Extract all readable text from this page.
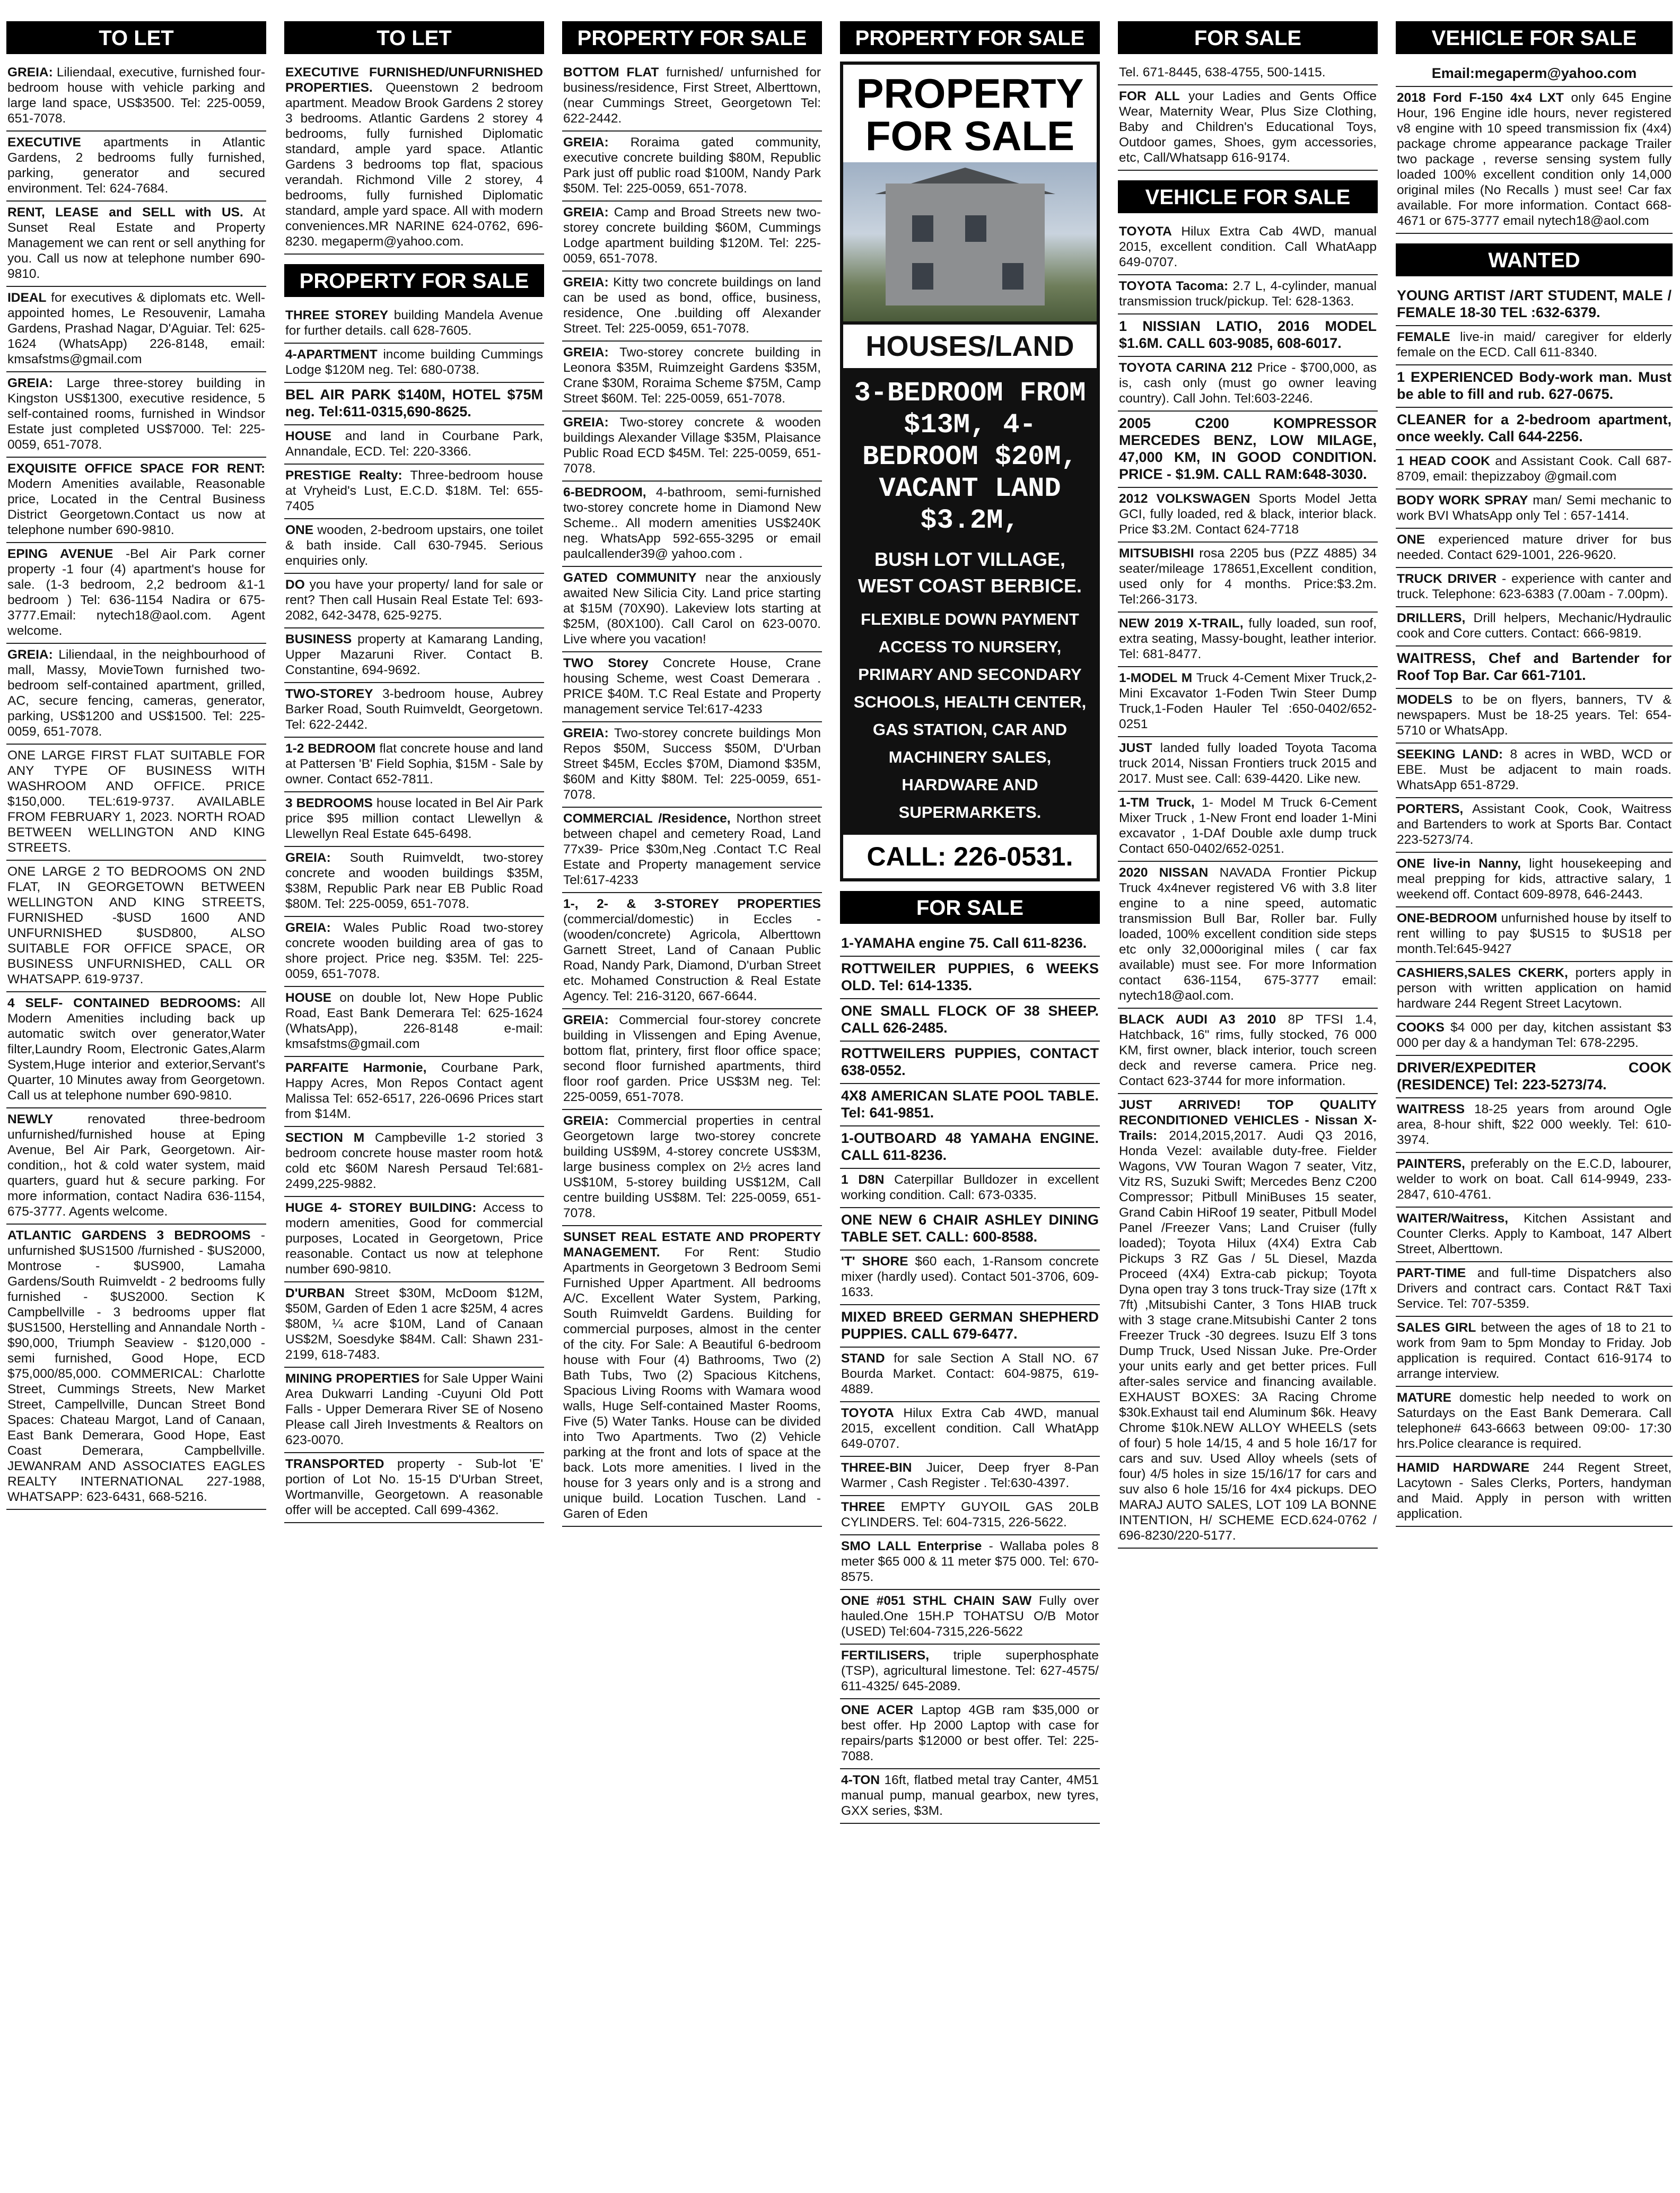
TO LET
GREIA: Liliendaal, executive, furnished four-bedroom house with vehicle parking and large land space, US$3500. Tel: 225-0059, 651-7078.
EXECUTIVE apartments in Atlantic Gardens, 2 bedrooms fully furnished, parking, generator and secured environment. Tel: 624-7684.
RENT, LEASE and SELL with US. At Sunset Real Estate and Property Management we can rent or sell anything for you. Call us now at telephone number 690-9810.
IDEAL for executives & diplomats etc. Well-appointed homes, Le Resouvenir, Lamaha Gardens, Prashad Nagar, D'Aguiar. Tel: 625-1624 (WhatsApp) 226-8148, email: kmsafstms@gmail.com
GREIA: Large three-storey building in Kingston US$1300, executive residence, 5 self-contained rooms, furnished in Windsor Estate just completed US$7000. Tel: 225-0059, 651-7078.
EXQUISITE OFFICE SPACE FOR RENT: Modern Amenities available, Reasonable price, Located in the Central Business District Georgetown.Contact us now at telephone number 690-9810.
EPING AVENUE -Bel Air Park corner property -1 four (4) apartment's house for sale. (1-3 bedroom, 2,2 bedroom &1-1 bedroom ) Tel: 636-1154 Nadira or 675-3777.Email: nytech18@aol.com. Agent welcome.
GREIA: Liliendaal, in the neighbourhood of mall, Massy, MovieTown furnished two-bedroom self-contained apartment, grilled, AC, secure fencing, cameras, generator, parking, US$1200 and US$1500. Tel: 225-0059, 651-7078.
ONE LARGE FIRST FLAT SUITABLE FOR ANY TYPE OF BUSINESS WITH WASHROOM AND OFFICE. PRICE $150,000. TEL:619-9737. AVAILABLE FROM FEBRUARY 1, 2023. NORTH ROAD BETWEEN WELLINGTON AND KING STREETS.
ONE LARGE 2 TO BEDROOMS ON 2ND FLAT, IN GEORGETOWN BETWEEN WELLINGTON AND KING STREETS, FURNISHED -$USD 1600 AND UNFURNISHED $USD800, ALSO SUITABLE FOR OFFICE SPACE, OR BUSINESS UNFURNISHED, CALL OR WHATSAPP. 619-9737.
4 SELF- CONTAINED BEDROOMS: All Modern Amenities including back up automatic switch over generator,Water filter,Laundry Room, Electronic Gates,Alarm System,Huge interior and exterior,Servant's Quarter, 10 Minutes away from Georgetown. Call us at telephone number 690-9810.
NEWLY renovated three-bedroom unfurnished/furnished house at Eping Avenue, Bel Air Park, Georgetown. Air-condition,, hot & cold water system, maid quarters, guard hut & secure parking. For more information, contact Nadira 636-1154, 675-3777. Agents welcome.
ATLANTIC GARDENS 3 BEDROOMS - unfurnished $US1500 /furnished - $US2000, Montrose - $US900, Lamaha Gardens/South Ruimveldt - 2 bedrooms fully furnished - $US2000. Section K Campbellville - 3 bedrooms upper flat $US1500, Herstelling and Annandale North - $90,000, Triumph Seaview - $120,000 - semi furnished, Good Hope, ECD $75,000/85,000. COMMERICAL: Charlotte Street, Cummings Streets, New Market Street, Campellville, Duncan Street Bond Spaces: Chateau Margot, Land of Canaan, East Bank Demerara, Good Hope, East Coast Demerara, Campbellville. JEWANRAM AND ASSOCIATES EAGLES REALTY INTERNATIONAL 227-1988, WHATSAPP: 623-6431, 668-5216.
TO LET
EXECUTIVE FURNISHED/UNFURNISHED PROPERTIES. Queenstown 2 bedroom apartment. Meadow Brook Gardens 2 storey 3 bedrooms. Atlantic Gardens 2 storey 4 bedrooms, fully furnished Diplomatic standard, ample yard space. Atlantic Gardens 3 bedrooms top flat, spacious verandah. Richmond Ville 2 storey, 4 bedrooms, fully furnished Diplomatic standard, ample yard space. All with modern conveniences.MR NARINE 624-0762, 696-8230. megaperm@yahoo.com.
PROPERTY FOR SALE
THREE STOREY building Mandela Avenue for further details. call 628-7605.
4-APARTMENT income building Cummings Lodge $120M neg. Tel: 680-0738.
BEL AIR PARK $140M, HOTEL $75M neg. Tel:611-0315,690-8625.
HOUSE and land in Courbane Park, Annandale, ECD. Tel: 220-3366.
PRESTIGE Realty: Three-bedroom house at Vryheid's Lust, E.C.D. $18M. Tel: 655-7405
ONE wooden, 2-bedroom upstairs, one toilet & bath inside. Call 630-7945. Serious enquiries only.
DO you have your property/ land for sale or rent? Then call Husain Real Estate Tel: 693-2082, 642-3478, 625-9275.
BUSINESS property at Kamarang Landing, Upper Mazaruni River. Contact B. Constantine, 694-9692.
TWO-STOREY 3-bedroom house, Aubrey Barker Road, South Ruimveldt, Georgetown. Tel: 622-2442.
1-2 BEDROOM flat concrete house and land at Pattersen 'B' Field Sophia, $15M - Sale by owner. Contact 652-7811.
3 BEDROOMS house located in Bel Air Park price $95 million contact Llewellyn & Llewellyn Real Estate 645-6498.
GREIA: South Ruimveldt, two-storey concrete and wooden buildings $35M, $38M, Republic Park near EB Public Road $80M. Tel: 225-0059, 651-7078.
GREIA: Wales Public Road two-storey concrete wooden building area of gas to shore project. Price neg. $35M. Tel: 225-0059, 651-7078.
HOUSE on double lot, New Hope Public Road, East Bank Demerara Tel: 625-1624 (WhatsApp), 226-8148 e-mail: kmsafstms@gmail.com
PARFAITE Harmonie, Courbane Park, Happy Acres, Mon Repos Contact agent Malissa Tel: 652-6517, 226-0696 Prices start from $14M.
SECTION M Campbeville 1-2 storied 3 bedroom concrete house master room hot& cold etc $60M Naresh Persaud Tel:681-2499,225-9882.
HUGE 4- STOREY BUILDING: Access to modern amenities, Good for commercial purposes, Located in Georgetown, Price reasonable. Contact us now at telephone number 690-9810.
D'URBAN Street $30M, McDoom $12M, $50M, Garden of Eden 1 acre $25M, 4 acres $80M, ¼ acre $10M, Land of Canaan US$2M, Soesdyke $84M. Call: Shawn 231-2199, 618-7483.
MINING PROPERTIES for Sale Upper Waini Area Dukwarri Landing -Cuyuni Old Pott Falls - Upper Demerara River SE of Noseno Please call Jireh Investments & Realtors on 623-0070.
TRANSPORTED property - Sub-lot 'E' portion of Lot No. 15-15 D'Urban Street, Wortmanville, Georgetown. A reasonable offer will be accepted. Call 699-4362.
PROPERTY FOR SALE
BOTTOM FLAT furnished/ unfurnished for business/residence, First Street, Alberttown, (near Cummings Street, Georgetown Tel: 622-2442.
GREIA: Roraima gated community, executive concrete building $80M, Republic Park just off public road $100M, Nandy Park $50M. Tel: 225-0059, 651-7078.
GREIA: Camp and Broad Streets new two-storey concrete building $60M, Cummings Lodge apartment building $120M. Tel: 225-0059, 651-7078.
GREIA: Kitty two concrete buildings on land can be used as bond, office, business, residence, One .building off Alexander Street. Tel: 225-0059, 651-7078.
GREIA: Two-storey concrete building in Leonora $35M, Ruimzeight Gardens $35M, Crane $30M, Roraima Scheme $75M, Camp Street $60M. Tel: 225-0059, 651-7078.
GREIA: Two-storey concrete & wooden buildings Alexander Village $35M, Plaisance Public Road ECD $45M. Tel: 225-0059, 651-7078.
6-BEDROOM, 4-bathroom, semi-furnished two-storey concrete home in Diamond New Scheme.. All modern amenities US$240K neg. WhatsApp 592-655-3295 or email paulcallender39@ yahoo.com .
GATED COMMUNITY near the anxiously awaited New Silicia City. Land price starting at $15M (70X90). Lakeview lots starting at $25M, (80X100). Call Carol on 623-0070. Live where you vacation!
TWO Storey Concrete House, Crane housing Scheme, west Coast Demerara . PRICE $40M. T.C Real Estate and Property management service Tel:617-4233
GREIA: Two-storey concrete buildings Mon Repos $50M, Success $50M, D'Urban Street $45M, Eccles $70M, Diamond $35M, $60M and Kitty $80M. Tel: 225-0059, 651-7078.
COMMERCIAL /Residence, Northon street between chapel and cemetery Road, Land 77x39- Price $30m,Neg .Contact T.C Real Estate and Property management service Tel:617-4233
1-, 2- & 3-STOREY PROPERTIES (commercial/domestic) in Eccles - (wooden/concrete) Agricola, Alberttown Garnett Street, Land of Canaan Public Road, Nandy Park, Diamond, D'urban Street etc. Mohamed Construction & Real Estate Agency. Tel: 216-3120, 667-6644.
GREIA: Commercial four-storey concrete building in Vlissengen and Eping Avenue, bottom flat, printery, first floor office space; second floor furnished apartments, third floor roof garden. Price US$3M neg. Tel: 225-0059, 651-7078.
GREIA: Commercial properties in central Georgetown large two-storey concrete building US$9M, 4-storey concrete US$3M, large business complex on 2½ acres land US$10M, 5-storey building US$12M, Call centre building US$8M. Tel: 225-0059, 651-7078.
SUNSET REAL ESTATE AND PROPERTY MANAGEMENT. For Rent: Studio Apartments in Georgetown 3 Bedroom Semi Furnished Upper Apartment. All bedrooms A/C. Excellent Water System, Parking, South Ruimveldt Gardens. Building for commercial purposes, almost in the center of the city. For Sale: A Beautiful 6-bedroom house with Four (4) Bathrooms, Two (2) Bath Tubs, Two (2) Spacious Kitchens, Spacious Living Rooms with Wamara wood walls, Huge Self-contained Master Rooms, Five (5) Water Tanks. House can be divided into Two Apartments. Two (2) Vehicle parking at the front and lots of space at the back. Lots more amenities. I lived in the house for 3 years only and is a strong and unique build. Location Tuschen. Land - Garen of Eden
PROPERTY FOR SALE
PROPERTY FOR SALE
HOUSES/LAND
3-BEDROOM FROM $13M, 4-BEDROOM $20M, VACANT LAND $3.2M,
BUSH LOT VILLAGE, WEST COAST BERBICE.
FLEXIBLE DOWN PAYMENT ACCESS TO NURSERY, PRIMARY AND SECONDARY SCHOOLS, HEALTH CENTER, GAS STATION, CAR AND MACHINERY SALES, HARDWARE AND SUPERMARKETS.
CALL: 226-0531.
FOR SALE
1-YAMAHA engine 75. Call 611-8236.
ROTTWEILER PUPPIES, 6 WEEKS OLD. Tel: 614-1335.
ONE SMALL FLOCK OF 38 SHEEP. CALL 626-2485.
ROTTWEILERS PUPPIES, CONTACT 638-0552.
4X8 AMERICAN SLATE POOL TABLE. Tel: 641-9851.
1-OUTBOARD 48 YAMAHA ENGINE. CALL 611-8236.
1 D8N Caterpillar Bulldozer in excellent working condition. Call: 673-0335.
ONE NEW 6 CHAIR ASHLEY DINING TABLE SET. CALL: 600-8588.
'T' SHORE $60 each, 1-Ransom concrete mixer (hardly used). Contact 501-3706, 609-1633.
MIXED BREED GERMAN SHEPHERD PUPPIES. CALL 679-6477.
STAND for sale Section A Stall NO. 67 Bourda Market. Contact: 604-9875, 619-4889.
TOYOTA Hilux Extra Cab 4WD, manual 2015, excellent condition. Call WhatApp 649-0707.
THREE-BIN Juicer, Deep fryer 8-Pan Warmer , Cash Register . Tel:630-4397.
THREE EMPTY GUYOIL GAS 20LB CYLINDERS. Tel: 604-7315, 226-5622.
SMO LALL Enterprise - Wallaba poles 8 meter $65 000 & 11 meter $75 000. Tel: 670-8575.
ONE #051 STHL CHAIN SAW Fully over hauled.One 15H.P TOHATSU O/B Motor (USED) Tel:604-7315,226-5622
FERTILISERS, triple superphosphate (TSP), agricultural limestone. Tel: 627-4575/ 611-4325/ 645-2089.
ONE ACER Laptop 4GB ram $35,000 or best offer. Hp 2000 Laptop with case for repairs/parts $12000 or best offer. Tel: 225-7088.
4-TON 16ft, flatbed metal tray Canter, 4M51 manual pump, manual gearbox, new tyres, GXX series, $3M.
FOR SALE
Tel. 671-8445, 638-4755, 500-1415.
FOR ALL your Ladies and Gents Office Wear, Maternity Wear, Plus Size Clothing, Baby and Children's Educational Toys, Outdoor games, Shoes, gym accessories, etc, Call/Whatsapp 616-9174.
VEHICLE FOR SALE
TOYOTA Hilux Extra Cab 4WD, manual 2015, excellent condition. Call WhatAapp 649-0707.
TOYOTA Tacoma: 2.7 L, 4-cylinder, manual transmission truck/pickup. Tel: 628-1363.
1 NISSIAN LATIO, 2016 MODEL $1.6M. CALL 603-9085, 608-6017.
TOYOTA CARINA 212 Price - $700,000, as is, cash only (must go owner leaving country). Call John. Tel:603-2246.
2005 C200 KOMPRESSOR MERCEDES BENZ, LOW MILAGE, 47,000 KM, IN GOOD CONDITION. PRICE - $1.9M. CALL RAM:648-3030.
2012 VOLKSWAGEN Sports Model Jetta GCI, fully loaded, red & black, interior black. Price $3.2M. Contact 624-7718
MITSUBISHI rosa 2205 bus (PZZ 4885) 34 seater/mileage 178651,Excellent condition, used only for 4 months. Price:$3.2m. Tel:266-3173.
NEW 2019 X-TRAIL, fully loaded, sun roof, extra seating, Massy-bought, leather interior. Tel: 681-8477.
1-MODEL M Truck 4-Cement Mixer Truck,2-Mini Excavator 1-Foden Twin Steer Dump Truck,1-Foden Hauler Tel :650-0402/652-0251
JUST landed fully loaded Toyota Tacoma truck 2014, Nissan Frontiers truck 2015 and 2017. Must see. Call: 639-4420. Like new.
1-TM Truck, 1- Model M Truck 6-Cement Mixer Truck , 1-New Front end loader 1-Mini excavator , 1-DAf Double axle dump truck Contact 650-0402/652-0251.
2020 NISSAN NAVADA Frontier Pickup Truck 4x4never registered V6 with 3.8 liter engine to a nine speed, automatic transmission Bull Bar, Roller bar. Fully loaded, 100% excellent condition side steps etc only 32,000original miles ( car fax available) must see. For more Information contact 636-1154, 675-3777 email: nytech18@aol.com.
BLACK AUDI A3 2010 8P TFSI 1.4, Hatchback, 16" rims, fully stocked, 76 000 KM, first owner, black interior, touch screen deck and reverse camera. Price neg. Contact 623-3744 for more information.
JUST ARRIVED! TOP QUALITY RECONDITIONED VEHICLES - Nissan X-Trails: 2014,2015,2017. Audi Q3 2016, Honda Vezel: available duty-free. Fielder Wagons, VW Touran Wagon 7 seater, Vitz, Vitz RS, Suzuki Swift; Mercedes Benz C200 Compressor; Pitbull MiniBuses 15 seater, Grand Cabin HiRoof 19 seater, Pitbull Model Panel /Freezer Vans; Land Cruiser (fully loaded); Toyota Hilux (4X4) Extra Cab Pickups 3 RZ Gas / 5L Diesel, Mazda Proceed (4X4) Extra-cab pickup; Toyota Dyna open tray 3 tons truck-Tray size (17ft x 7ft) ,Mitsubishi Canter, 3 Tons HIAB truck with 3 stage crane.Mitsubishi Canter 2 tons Freezer Truck -30 degrees. Isuzu Elf 3 tons Dump Truck, Used Nissan Juke. Pre-Order your units early and get better prices. Full after-sales service and financing available. EXHAUST BOXES: 3A Racing Chrome $30k.Exhaust tail end Aluminum $6k. Heavy Chrome $10k.NEW ALLOY WHEELS (sets of four) 5 hole 14/15, 4 and 5 hole 16/17 for cars and suv. Used Alloy wheels (sets of four) 4/5 holes in size 15/16/17 for cars and suv also 6 hole 15/16 for 4x4 pickups. DEO MARAJ AUTO SALES, LOT 109 LA BONNE INTENTION, H/ SCHEME ECD.624-0762 / 696-8230/220-5177.
VEHICLE FOR SALE
Email:megaperm@yahoo.com
2018 Ford F-150 4x4 LXT only 645 Engine Hour, 196 Engine idle hours, never registered v8 engine with 10 speed transmission fix (4x4) package chrome appearance package Trailer two package , reverse sensing system fully loaded 100% excellent condition only 14,000 original miles (No Recalls ) must see! Car fax available. For more information. Contact 668-4671 or 675-3777 email nytech18@aol.com
WANTED
YOUNG ARTIST /ART STUDENT, MALE / FEMALE 18-30 TEL :632-6379.
FEMALE live-in maid/ caregiver for elderly female on the ECD. Call 611-8340.
1 EXPERIENCED Body-work man. Must be able to fill and rub. 627-0675.
CLEANER for a 2-bedroom apartment, once weekly. Call 644-2256.
1 HEAD COOK and Assistant Cook. Call 687-8709, email: thepizzaboy @gmail.com
BODY WORK SPRAY man/ Semi mechanic to work BVI WhatsApp only Tel : 657-1414.
ONE experienced mature driver for bus needed. Contact 629-1001, 226-9620.
TRUCK DRIVER - experience with canter and truck. Telephone: 623-6383 (7.00am - 7.00pm).
DRILLERS, Drill helpers, Mechanic/Hydraulic cook and Core cutters. Contact: 666-9819.
WAITRESS, Chef and Bartender for Roof Top Bar. Car 661-7101.
MODELS to be on flyers, banners, TV & newspapers. Must be 18-25 years. Tel: 654-5710 or WhatsApp.
SEEKING LAND: 8 acres in WBD, WCD or EBE. Must be adjacent to main roads. WhatsApp 651-8729.
PORTERS, Assistant Cook, Cook, Waitress and Bartenders to work at Sports Bar. Contact 223-5273/74.
ONE live-in Nanny, light housekeeping and meal prepping for kids, attractive salary, 1 weekend off. Contact 609-8978, 646-2443.
ONE-BEDROOM unfurnished house by itself to rent willing to pay $US15 to $US18 per month.Tel:645-9427
CASHIERS,SALES CKERK, porters apply in person with written application on hamid hardware 244 Regent Street Lacytown.
COOKS $4 000 per day, kitchen assistant $3 000 per day & a handyman Tel: 678-2295.
DRIVER/EXPEDITER COOK (RESIDENCE) Tel: 223-5273/74.
WAITRESS 18-25 years from around Ogle area, 8-hour shift, $22 000 weekly. Tel: 610-3974.
PAINTERS, preferably on the E.C.D, labourer, welder to work on boat. Call 614-9949, 233-2847, 610-4761.
WAITER/Waitress, Kitchen Assistant and Counter Clerks. Apply to Kamboat, 147 Albert Street, Alberttown.
PART-TIME and full-time Dispatchers also Drivers and contract cars. Contact R&T Taxi Service. Tel: 707-5359.
SALES GIRL between the ages of 18 to 21 to work from 9am to 5pm Monday to Friday. Job application is required. Contact 616-9174 to arrange interview.
MATURE domestic help needed to work on Saturdays on the East Bank Demerara. Call telephone# 643-6663 between 09:00- 17:30 hrs.Police clearance is required.
HAMID HARDWARE 244 Regent Street, Lacytown - Sales Clerks, Porters, handyman and Maid. Apply in person with written application.
